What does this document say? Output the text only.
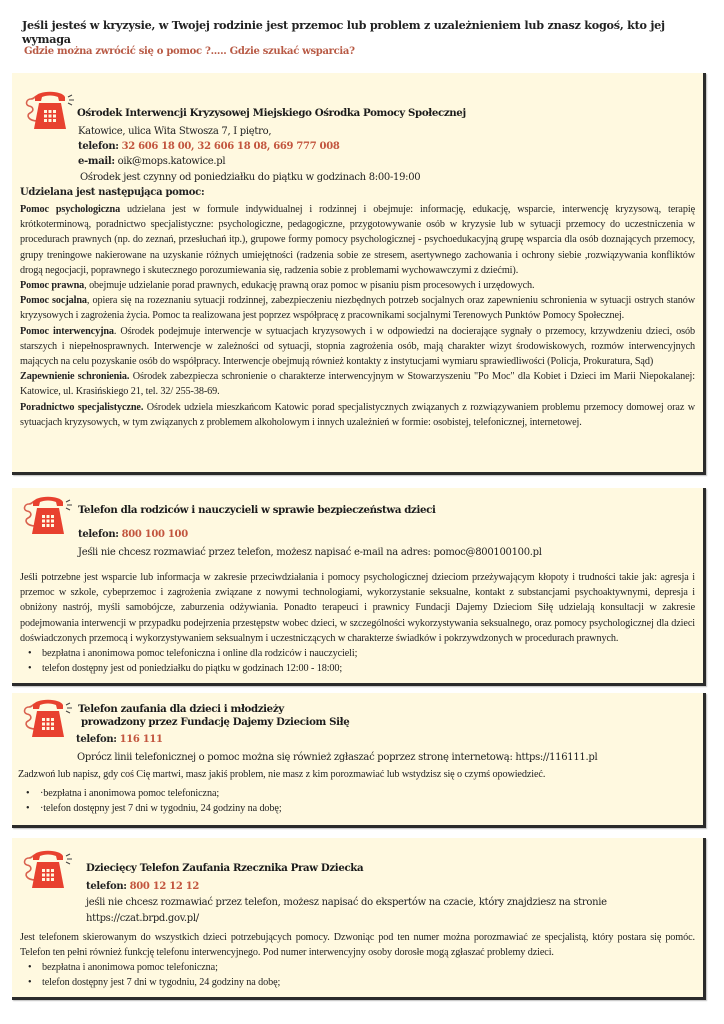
Jeśli jesteś w kryzysie, w Twojej rodzinie jest przemoc lub problem z uzależnieniem lub znasz kogoś, kto jej wymaga
Gdzie można zwrócić się o pomoc ?..... Gdzie szukać wsparcia?
Ośrodek Interwencji Kryzysowej Miejskiego Ośrodka Pomocy Społecznej
Katowice, ulica Wita Stwosza 7, I piętro,
telefon: 32 606 18 00, 32 606 18 08, 669 777 008
e-mail: oik@mops.katowice.pl
Ośrodek jest czynny od poniedziałku do piątku w godzinach 8:00-19:00
Udzielana jest następująca pomoc:

Pomoc psychologiczna udzielana jest w formule indywidualnej i rodzinnej i obejmuje: informację, edukację, wsparcie, interwencję kryzysową, terapię krótkoterminową, poradnictwo specjalistyczne: psychologiczne, pedagogiczne, przygotowywanie osób w kryzysie lub w sytuacji przemocy do uczestniczenia w procedurach prawnych (np. do zeznań, przesłuchań itp.), grupowe formy pomocy psychologicznej - psychoedukacyjną grupę wsparcia dla osób doznających przemocy, grupy treningowe nakierowane na uzyskanie różnych umiejętności (radzenia sobie ze stresem, asertywnego zachowania i ochrony siebie ,rozwiązywania konfliktów drogą negocjacji, poprawnego i skutecznego porozumiewania się, radzenia sobie z problemami wychowawczymi z dziećmi).

Pomoc prawna, obejmuje udzielanie porad prawnych, edukację prawną oraz pomoc w pisaniu pism procesowych i urzędowych.

Pomoc socjalna, opiera się na rozeznaniu sytuacji rodzinnej, zabezpieczeniu niezbędnych potrzeb socjalnych oraz zapewnieniu schronienia w sytuacji ostrych stanów kryzysowych i zagrożenia życia. Pomoc ta realizowana jest poprzez współpracę z pracownikami socjalnymi Terenowych Punktów Pomocy Społecznej.

Pomoc interwencyjna. Ośrodek podejmuje interwencje w sytuacjach kryzysowych i w odpowiedzi na docierające sygnały o przemocy, krzywdzeniu dzieci, osób starszych i niepełnosprawnych. Interwencje w zależności od sytuacji, stopnia zagrożenia osób, mają charakter wizyt środowiskowych, rozmów interwencyjnych mających na celu pozyskanie osób do współpracy. Interwencje obejmują również kontakty z instytucjami wymiaru sprawiedliwości (Policja, Prokuratura, Sąd)

Zapewnienie schronienia. Ośrodek zabezpiecza schronienie o charakterze interwencyjnym w Stowarzyszeniu "Po Moc" dla Kobiet i Dzieci im Marii Niepokalanej: Katowice, ul. Krasińskiego 21, tel. 32/ 255-38-69.

Poradnictwo specjalistyczne. Ośrodek udziela mieszkańcom Katowic porad specjalistycznych związanych z rozwiązywaniem problemu przemocy domowej oraz w sytuacjach kryzysowych, w tym związanych z problemem alkoholowym i innych uzależnień w formie: osobistej, telefonicznej, internetowej.

Telefon dla rodziców i nauczycieli w sprawie bezpieczeństwa dzieci
telefon: 800 100 100
Jeśli nie chcesz rozmawiać przez telefon, możesz napisać e-mail na adres: pomoc@800100100.pl

Jeśli potrzebne jest wsparcie lub informacja w zakresie przeciwdziałania i pomocy psychologicznej dzieciom przeżywającym kłopoty i trudności takie jak: agresja i przemoc w szkole, cybeprzemoc i zagrożenia związane z nowymi technologiami, wykorzystanie seksualne, kontakt z substancjami psychoaktywnymi, depresja i obniżony nastrój, myśli samobójcze, zaburzenia odżywiania. Ponadto terapeuci i prawnicy Fundacji Dajemy Dzieciom Siłę udzielają konsultacji w zakresie podejmowania interwencji w przypadku podejrzenia przestępstw wobec dzieci, w szczególności wykorzystywania seksualnego, oraz pomocy psychologicznej dla dzieci doświadczonych przemocą i wykorzystywaniem seksualnym i uczestniczących w charakterze świadków i pokrzywdzonych w procedurach prawnych.

• bezpłatna i anonimowa pomoc telefoniczna i online dla rodziców i nauczycieli;
• telefon dostępny jest od poniedziałku do piątku w godzinach 12:00 - 18:00;
Telefon zaufania dla dzieci i młodzieży
prowadzony przez Fundację Dajemy Dzieciom Siłę
telefon: 116 111
Oprócz linii telefonicznej o pomoc można się również zgłaszać poprzez stronę internetową: https://116111.pl

Zadzwoń lub napisz, gdy coś Cię martwi, masz jakiś problem, nie masz z kim porozmawiać lub wstydzisz się o czymś opowiedzieć.

• ·bezpłatna i anonimowa pomoc telefoniczna;
• ·telefon dostępny jest 7 dni w tygodniu, 24 godziny na dobę;
Dziecięcy Telefon Zaufania Rzecznika Praw Dziecka
telefon: 800 12 12 12
jeśli nie chcesz rozmawiać przez telefon, możesz napisać do ekspertów na czacie, który znajdziesz na stronie
https://czat.brpd.gov.pl/

Jest telefonem skierowanym do wszystkich dzieci potrzebujących pomocy. Dzwoniąc pod ten numer można porozmawiać ze specjalistą, który postara się pomóc. Telefon ten pełni również funkcję telefonu interwencyjnego. Pod numer interwencyjny osoby dorosłe mogą zgłaszać problemy dzieci.

• bezpłatna i anonimowa pomoc telefoniczna;
• telefon dostępny jest 7 dni w tygodniu, 24 godziny na dobę;
